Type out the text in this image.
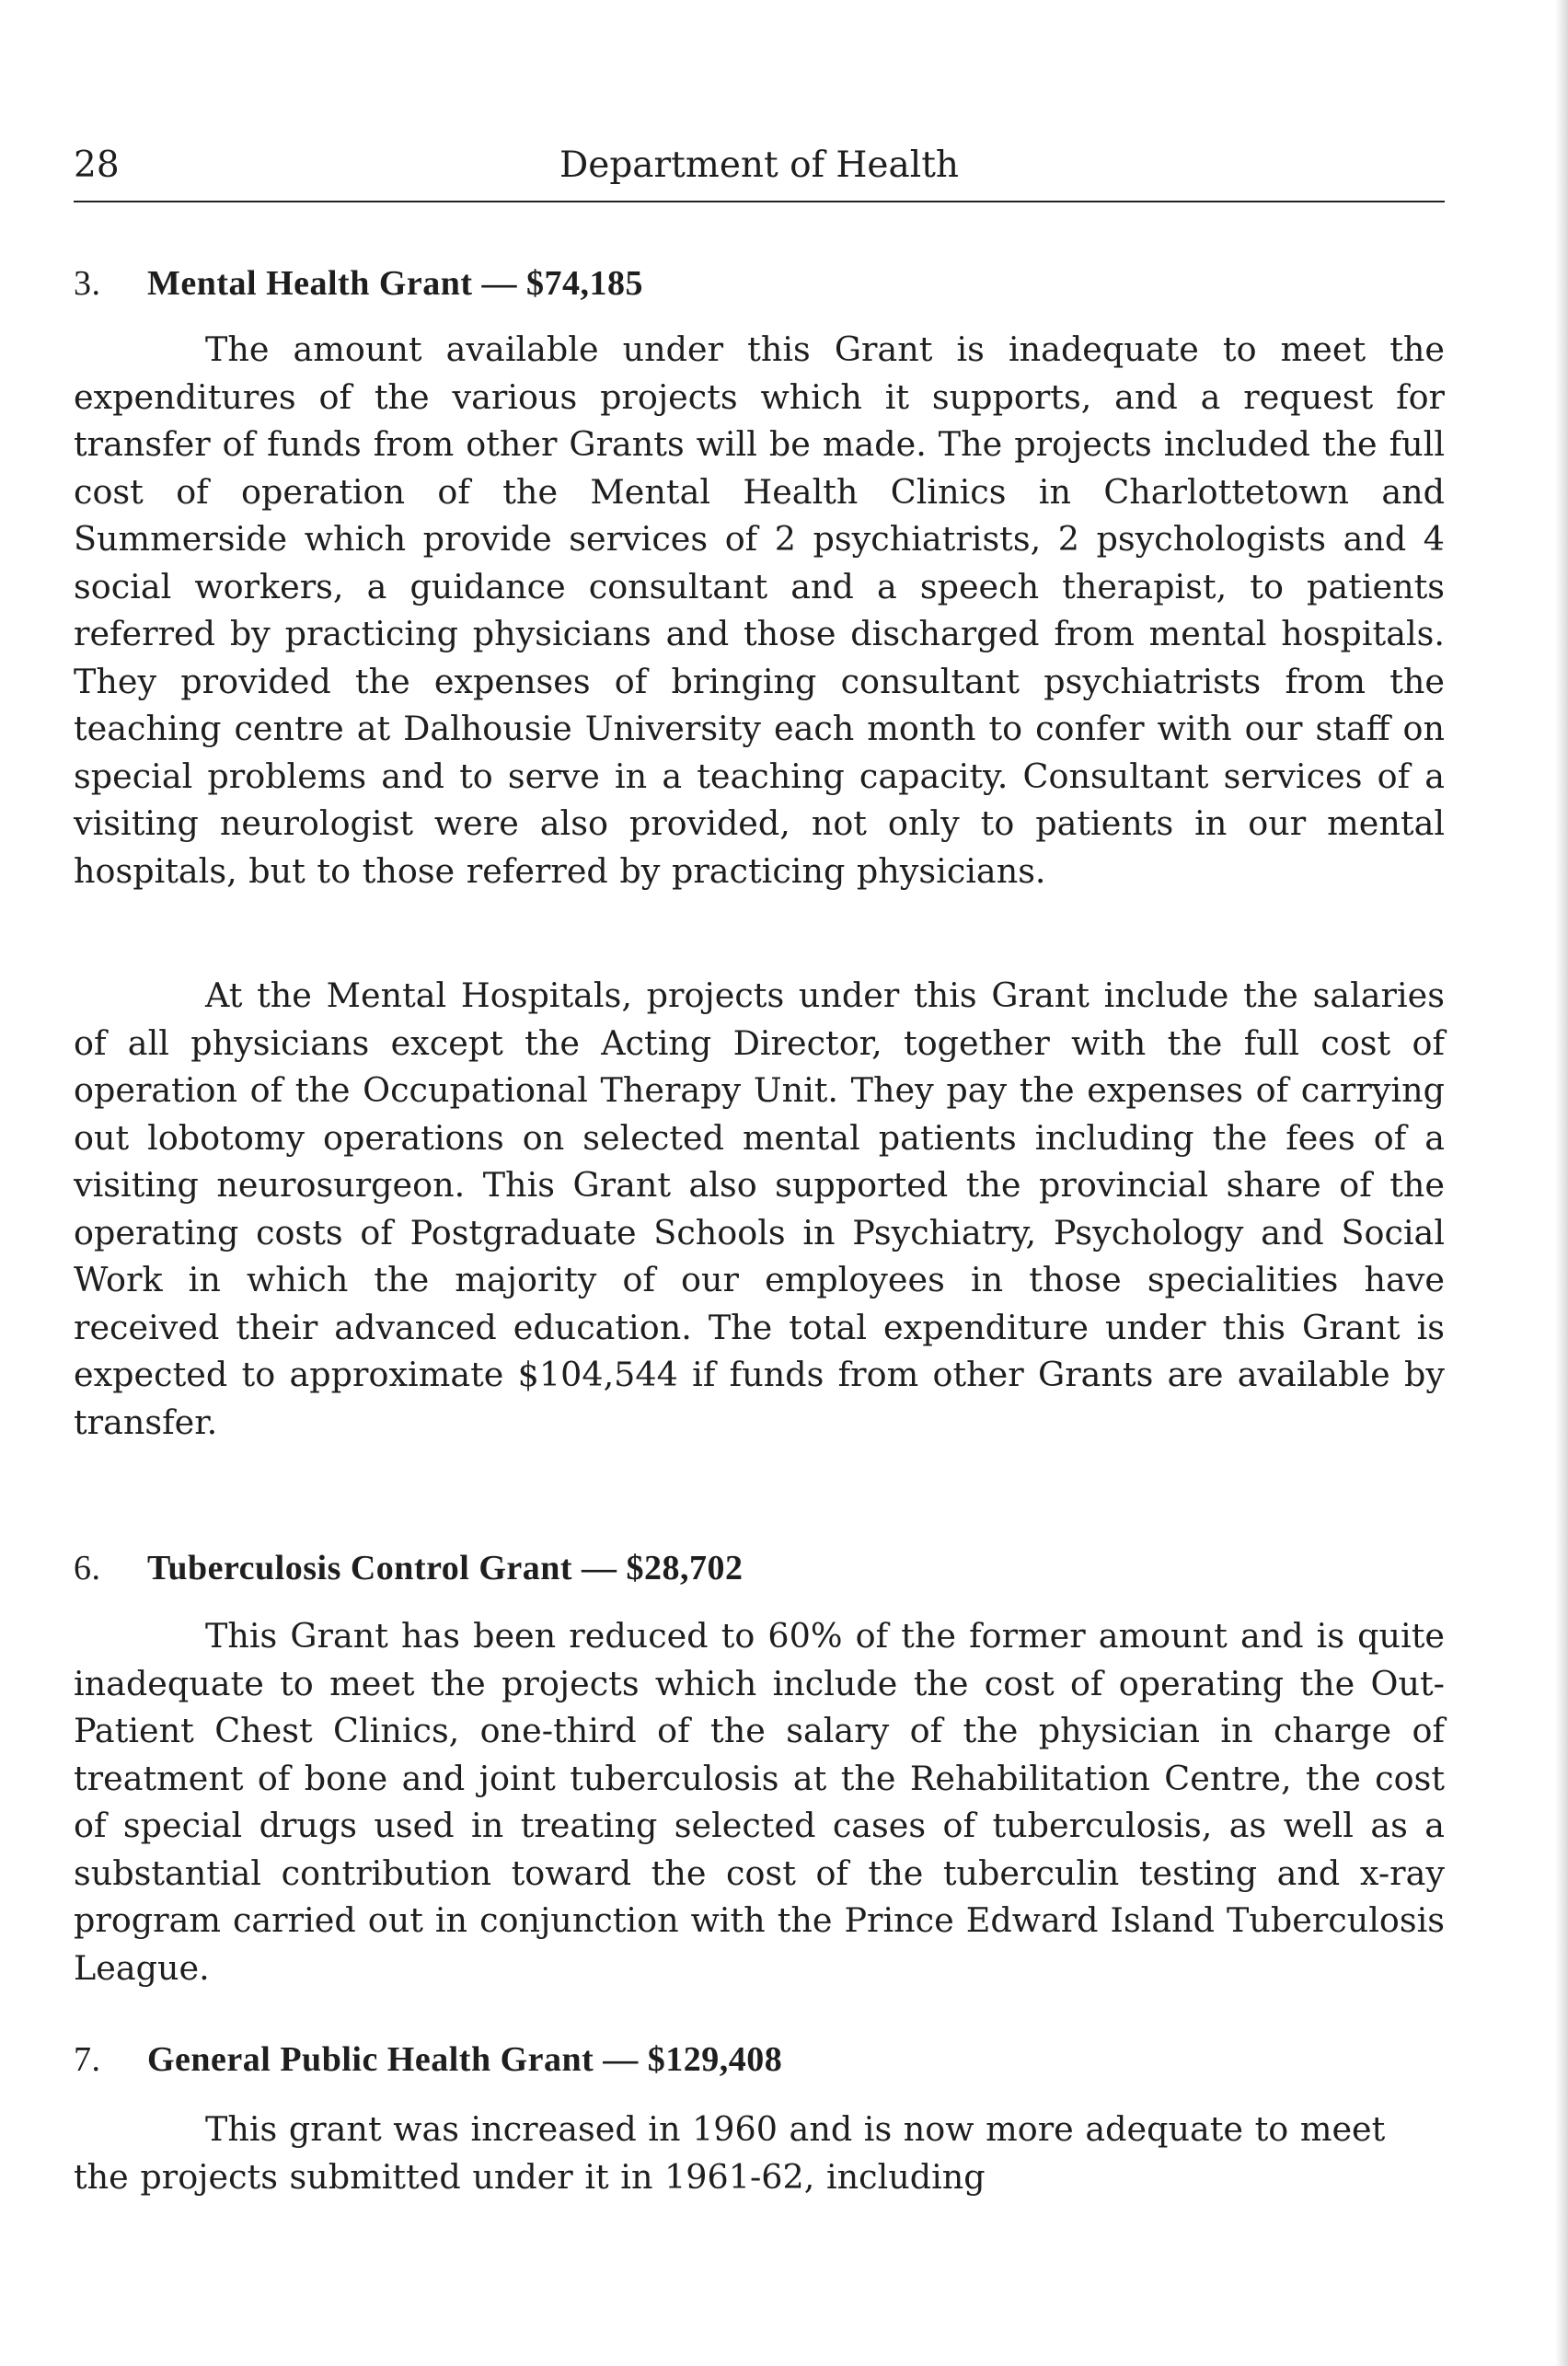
28	Department of Health
3. Mental Health Grant — $74,185

The amount available under this Grant is inadequate to meet the expenditures of the various projects which it supports, and a request for transfer of funds from other Grants will be made. The projects included the full cost of operation of the Mental Health Clinics in Charlottetown and Summerside which provide services of 2 psychiatrists, 2 psychologists and 4 social workers, a guidance consultant and a speech therapist, to patients referred by practicing physicians and those discharged from mental hospitals. They provided the expenses of bringing consultant psychiatrists from the teaching centre at Dalhousie University each month to confer with our staff on special problems and to serve in a teaching capacity. Consultant services of a visiting neurologist were also provided, not only to patients in our mental hospitals, but to those referred by practicing physicians.

At the Mental Hospitals, projects under this Grant include the salaries of all physicians except the Acting Director, together with the full cost of operation of the Occupational Therapy Unit. They pay the expenses of carrying out lobotomy operations on selected mental patients including the fees of a visiting neurosurgeon. This Grant also supported the provincial share of the operating costs of Postgraduate Schools in Psychiatry, Psychology and Social Work in which the majority of our employees in those specialities have received their advanced education. The total expenditure under this Grant is expected to approximate $104,544 if funds from other Grants are available by transfer.

6. Tuberculosis Control Grant — $28,702

This Grant has been reduced to 60% of the former amount and is quite inadequate to meet the projects which include the cost of operating the Out-Patient Chest Clinics, one-third of the salary of the physician in charge of treatment of bone and joint tuberculosis at the Rehabilitation Centre, the cost of special drugs used in treating selected cases of tuberculosis, as well as a substantial contribution toward the cost of the tuberculin testing and x-ray program carried out in conjunction with the Prince Edward Island Tuberculosis League.

7. General Public Health Grant — $129,408

This grant was increased in 1960 and is now more adequate to meet the projects submitted under it in 1961-62, including
